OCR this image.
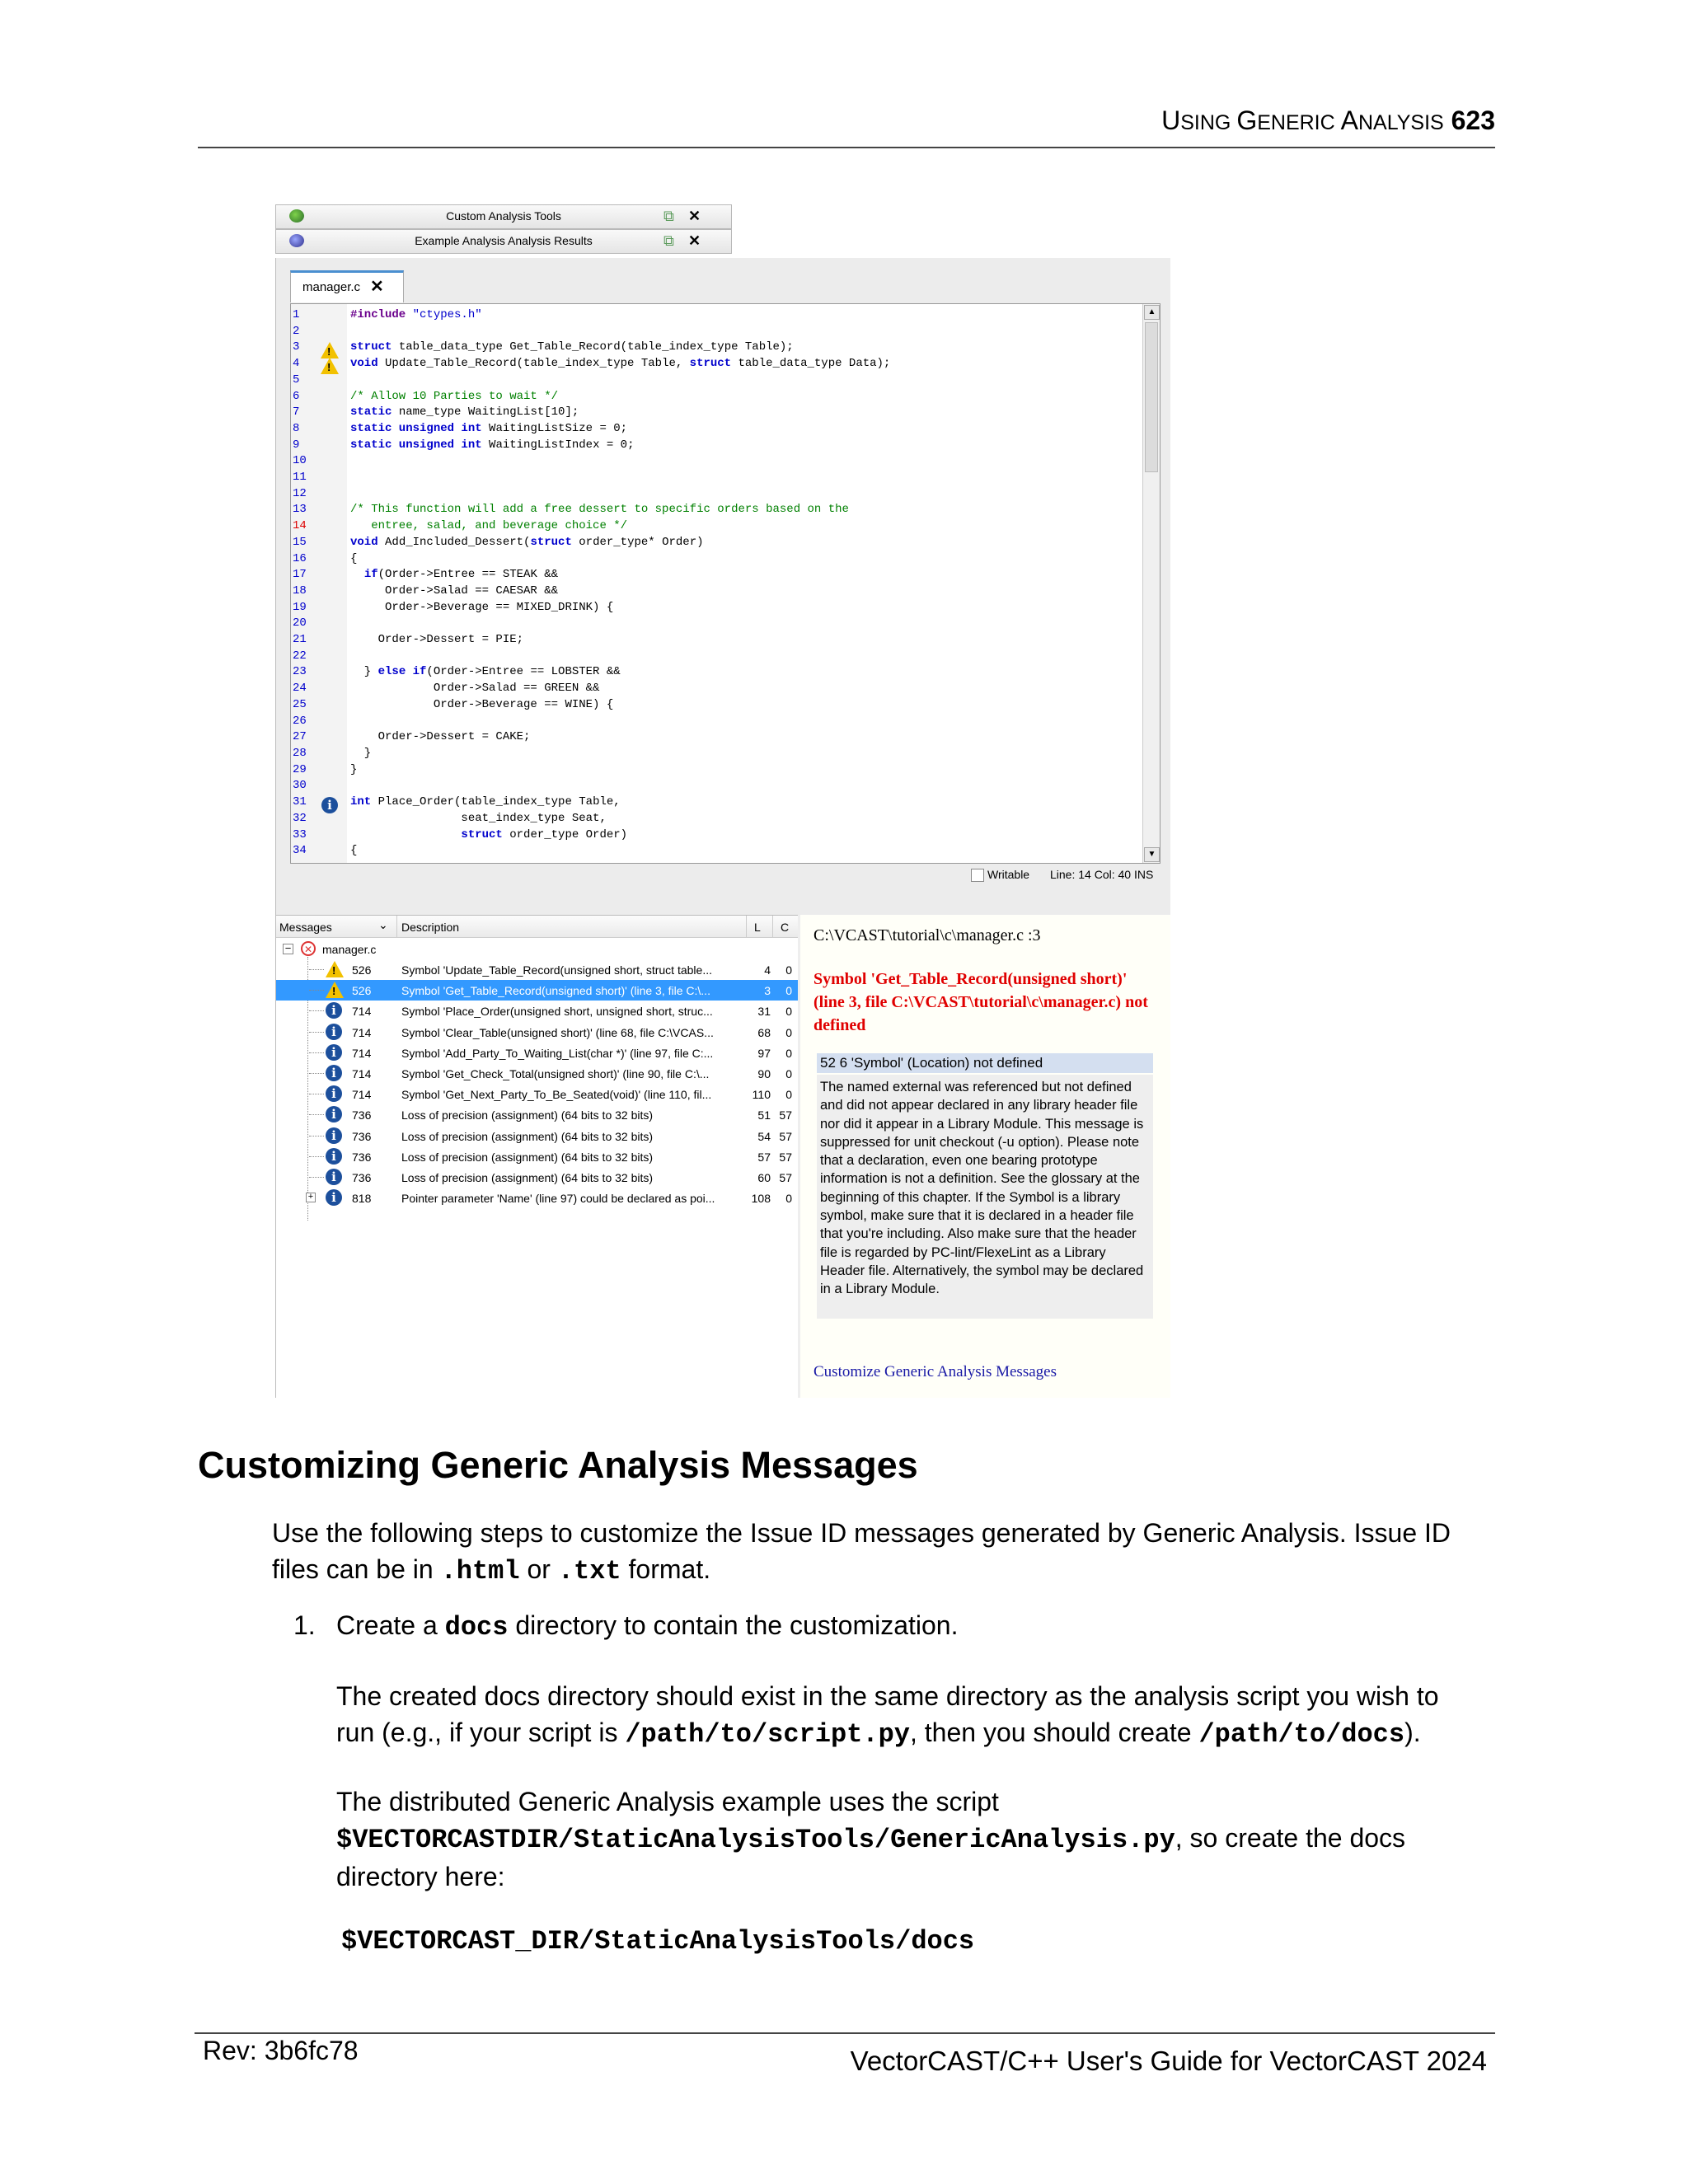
USING GENERIC ANALYSIS 623
Custom Analysis Tools	⧉ ✕
Example Analysis Analysis Results	⧉ ✕
manager.c ✕
1
2
3
4
5
6
7
8
9
10
11
12
13
14
15
16
17
18
19
20
21
22
23
24
25
26
27
28
29
30
31
32
33
34
!
!
i
#include "ctypes.h"

struct table_data_type Get_Table_Record(table_index_type Table);
void Update_Table_Record(table_index_type Table, struct table_data_type Data);

/* Allow 10 Parties to wait */
static name_type WaitingList[10];
static unsigned int WaitingListSize = 0;
static unsigned int WaitingListIndex = 0;

/* This function will add a free dessert to specific orders based on the
entree, salad, and beverage choice */
void Add_Included_Dessert(struct order_type* Order)
{
if(Order->Entree == STEAK &&
Order->Salad == CAESAR &&
Order->Beverage == MIXED_DRINK) {

Order->Dessert = PIE;

} else if(Order->Entree == LOBSTER &&
Order->Salad == GREEN &&
Order->Beverage == WINE) {

Order->Dessert = CAKE;
}
}

int Place_Order(table_index_type Table,
seat_index_type Seat,
struct order_type Order)
{
▲
▼
Writable Line: 14 Col: 40 INS
Messages	⌄ Description	L C
−	✕ manager.c
!
526	Symbol 'Update_Table_Record(unsigned short, struct table...	4	0
!
526	Symbol 'Get_Table_Record(unsigned short)' (line 3, file C:\...	3	0
i	714	Symbol 'Place_Order(unsigned short, unsigned short, struc...	31	0
i	714	Symbol 'Clear_Table(unsigned short)' (line 68, file C:\VCAS...	68	0
i	714	Symbol 'Add_Party_To_Waiting_List(char *)' (line 97, file C:...	97	0
i	714	Symbol 'Get_Check_Total(unsigned short)' (line 90, file C:\...	90	0
i	714	Symbol 'Get_Next_Party_To_Be_Seated(void)' (line 110, fil...	110	0
i	736	Loss of precision (assignment) (64 bits to 32 bits)	51 57
i	736	Loss of precision (assignment) (64 bits to 32 bits)	54 57
i	736	Loss of precision (assignment) (64 bits to 32 bits)	57 57
i	736	Loss of precision (assignment) (64 bits to 32 bits)	60 57
+	i	818	Pointer parameter 'Name' (line 97) could be declared as poi...	108	0
C:\VCAST\tutorial\c\manager.c :3
Symbol 'Get_Table_Record(unsigned short)' (line 3, file C:\VCAST\tutorial\c\manager.c) not defined
52 6 'Symbol' (Location) not defined
The named external was referenced but not defined and did not appear declared in any library header file nor did it appear in a Library Module. This message is suppressed for unit checkout (-u option). Please note that a declaration, even one bearing prototype information is not a definition. See the glossary at the beginning of this chapter. If the Symbol is a library symbol, make sure that it is declared in a header file that you're including. Also make sure that the header file is regarded by PC-lint/FlexeLint as a Library Header file. Alternatively, the symbol may be declared in a Library Module.
Customize Generic Analysis Messages
Customizing Generic Analysis Messages
Use the following steps to customize the Issue ID messages generated by Generic Analysis. Issue ID files can be in .html or .txt format.
1. Create a docs directory to contain the customization.
The created docs directory should exist in the same directory as the analysis script you wish to run (e.g., if your script is /path/to/script.py, then you should create /path/to/docs).
The distributed Generic Analysis example uses the script $VECTORCASTDIR/StaticAnalysisTools/GenericAnalysis.py, so create the docs directory here:
$VECTORCAST_DIR/StaticAnalysisTools/docs
Rev: 3b6fc78	VectorCAST/C++ User's Guide for VectorCAST 2024
